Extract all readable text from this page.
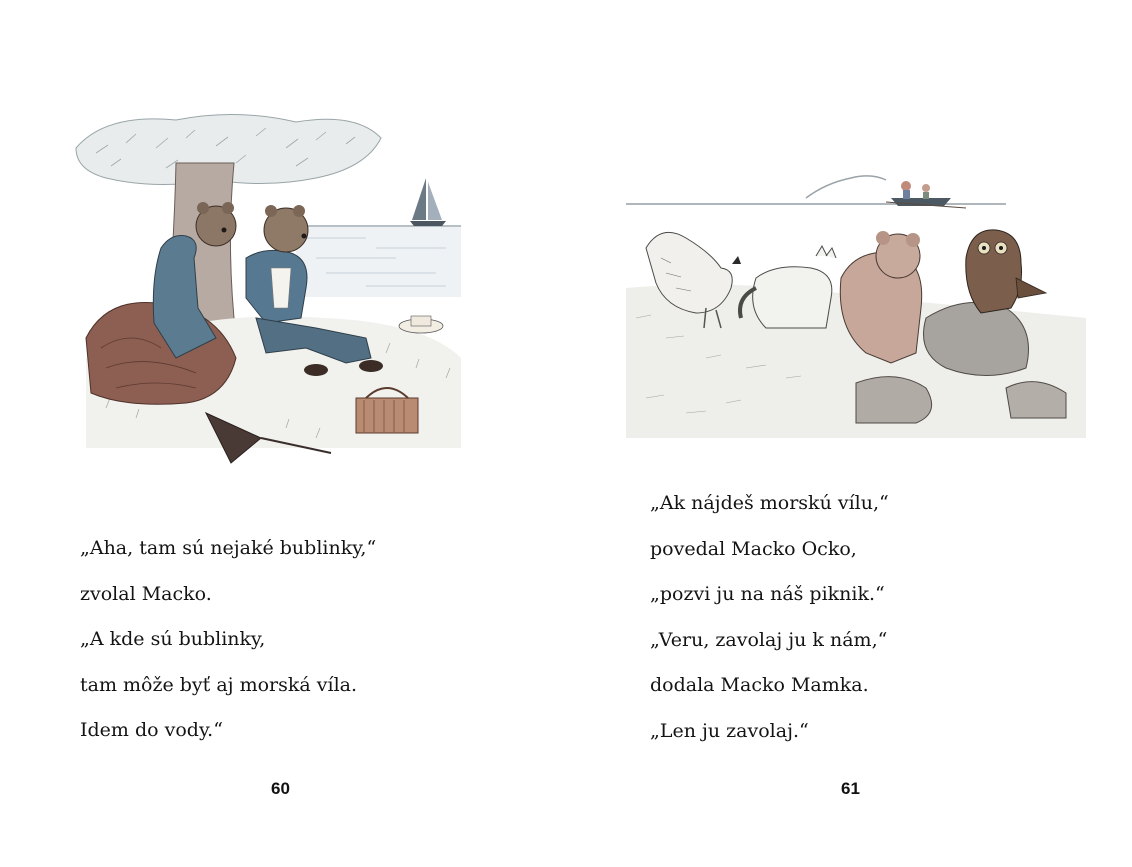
„Aha, tam sú nejaké bublinky,“
zvolal Macko.
„A kde sú bublinky,
tam môže byť aj morská víla.
Idem do vody.“
60
„Ak nájdeš morskú vílu,“
povedal Macko Ocko,
„pozvi ju na náš piknik.“
„Veru, zavolaj ju k nám,“
dodala Macko Mamka.
„Len ju zavolaj.“
61
